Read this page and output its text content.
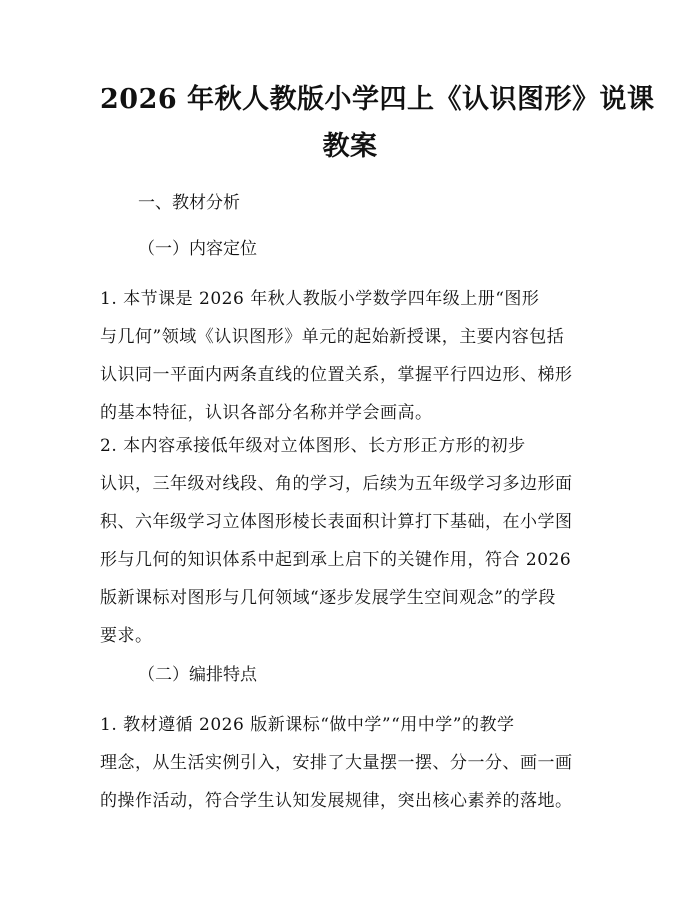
2026 年秋人教版小学四上《认识图形》说课
教案
一、教材分析
（一）内容定位
1. 本节课是 2026 年秋人教版小学数学四年级上册“图形
与几何”领域《认识图形》单元的起始新授课，主要内容包括
认识同一平面内两条直线的位置关系，掌握平行四边形、梯形
的基本特征，认识各部分名称并学会画高。
2. 本内容承接低年级对立体图形、长方形正方形的初步
认识，三年级对线段、角的学习，后续为五年级学习多边形面
积、六年级学习立体图形棱长表面积计算打下基础，在小学图
形与几何的知识体系中起到承上启下的关键作用，符合 2026
版新课标对图形与几何领域“逐步发展学生空间观念”的学段
要求。
（二）编排特点
1. 教材遵循 2026 版新课标“做中学”“用中学”的教学
理念，从生活实例引入，安排了大量摆一摆、分一分、画一画
的操作活动，符合学生认知发展规律，突出核心素养的落地。
